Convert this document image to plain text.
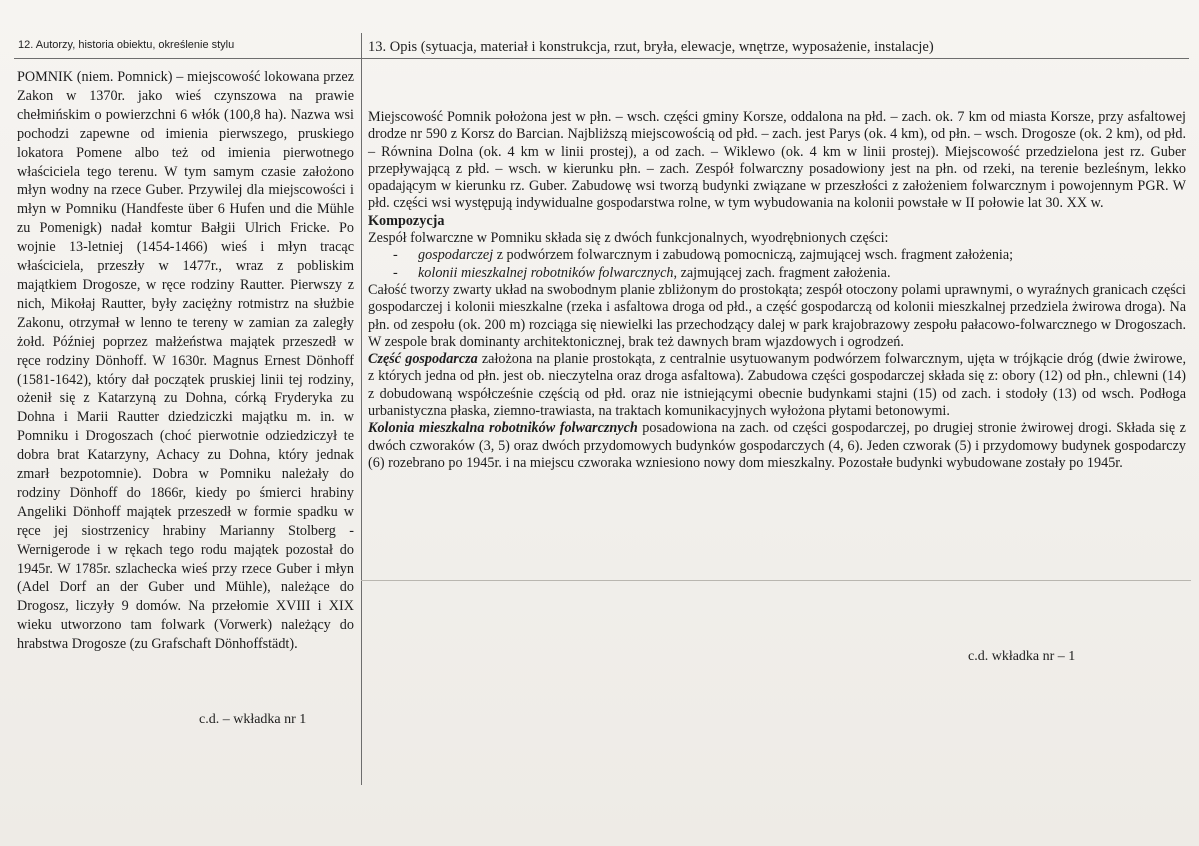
12. Autorzy, historia obiektu, określenie stylu	13. Opis (sytuacja, materiał i konstrukcja, rzut, bryła, elewacje, wnętrze, wyposażenie, instalacje)

POMNIK (niem. Pomnick) – miejscowość lokowana przez Zakon w 1370r. jako wieś czynszowa na prawie chełmińskim o powierzchni 6 włók (100,8 ha). Nazwa wsi pochodzi zapewne od imienia pierwszego, pruskiego lokatora Pomene albo też od imienia pierwotnego właściciela tego terenu. W tym samym czasie założono młyn wodny na rzece Guber. Przywilej dla miejscowości i młyn w Pomniku (Handfeste über 6 Hufen und die Mühle zu Pomenigk) nadał komtur Bałgii Ulrich Fricke. Po wojnie 13-letniej (1454-1466) wieś i młyn tracąc właściciela, przeszły w 1477r., wraz z pobliskim majątkiem Drogosze, w ręce rodziny Rautter. Pierwszy z nich, Mikołaj Rautter, były zaciężny rotmistrz na służbie Zakonu, otrzymał w lenno te tereny w zamian za zaległy żołd. Później poprzez małżeństwa majątek przeszedł w ręce rodziny Dönhoff. W 1630r. Magnus Ernest Dönhoff (1581-1642), który dał początek pruskiej linii tej rodziny, ożenił się z Katarzyną zu Dohna, córką Fryderyka zu Dohna i Marii Rautter dziedziczki majątku m. in. w Pomniku i Drogoszach (choć pierwotnie odziedziczył te dobra brat Katarzyny, Achacy zu Dohna, który jednak zmarł bezpotomnie). Dobra w Pomniku należały do rodziny Dönhoff do 1866r, kiedy po śmierci hrabiny Angeliki Dönhoff majątek przeszedł w formie spadku w ręce jej siostrzenicy hrabiny Marianny Stolberg - Wernigerode i w rękach tego rodu majątek pozostał do 1945r. W 1785r. szlachecka wieś przy rzece Guber i młyn (Adel Dorf an der Guber und Mühle), należące do Drogosz, liczyły 9 domów. Na przełomie XVIII i XIX wieku utworzono tam folwark (Vorwerk) należący do hrabstwa Drogosze (zu Grafschaft Dönhoffstädt).

c.d. – wkładka nr 1

Miejscowość Pomnik położona jest w płn. – wsch. części gminy Korsze, oddalona na płd. – zach. ok. 7 km od miasta Korsze, przy asfaltowej drodze nr 590 z Korsz do Barcian. Najbliższą miejscowością od płd. – zach. jest Parys (ok. 4 km), od płn. – wsch. Drogosze (ok. 2 km), od płd. – Równina Dolna (ok. 4 km w linii prostej), a od zach. – Wiklewo (ok. 4 km w linii prostej). Miejscowość przedzielona jest rz. Guber przepływającą z płd. – wsch. w kierunku płn. – zach. Zespół folwarczny posadowiony jest na płn. od rzeki, na terenie bezleśnym, lekko opadającym w kierunku rz. Guber. Zabudowę wsi tworzą budynki związane w przeszłości z założeniem folwarcznym i powojennym PGR. W płd. części wsi występują indywidualne gospodarstwa rolne, w tym wybudowania na kolonii powstałe w II połowie lat 30. XX w.

Kompozycja

Zespół folwarczne w Pomniku składa się z dwóch funkcjonalnych, wyodrębnionych części:

-	gospodarczej z podwórzem folwarcznym i zabudową pomocniczą, zajmującej wsch. fragment założenia;
-	kolonii mieszkalnej robotników folwarcznych, zajmującej zach. fragment założenia.

Całość tworzy zwarty układ na swobodnym planie zbliżonym do prostokąta; zespół otoczony polami uprawnymi, o wyraźnych granicach części gospodarczej i kolonii mieszkalne (rzeka i asfaltowa droga od płd., a część gospodarczą od kolonii mieszkalnej przedziela żwirowa droga). Na płn. od zespołu (ok. 200 m) rozciąga się niewielki las przechodzący dalej w park krajobrazowy zespołu pałacowo-folwarcznego w Drogoszach. W zespole brak dominanty architektonicznej, brak też dawnych bram wjazdowych i ogrodzeń.

Część gospodarcza założona na planie prostokąta, z centralnie usytuowanym podwórzem folwarcznym, ujęta w trójkącie dróg (dwie żwirowe, z których jedna od płn. jest ob. nieczytelna oraz droga asfaltowa). Zabudowa części gospodarczej składa się z: obory (12) od płn., chlewni (14) z dobudowaną współcześnie częścią od płd. oraz nie istniejącymi obecnie budynkami stajni (15) od zach. i stodoły (13) od wsch. Podłoga urbanistyczna płaska, ziemno-trawiasta, na traktach komunikacyjnych wyłożona płytami betonowymi.

Kolonia mieszkalna robotników folwarcznych posadowiona na zach. od części gospodarczej, po drugiej stronie żwirowej drogi. Składa się z dwóch czworaków (3, 5) oraz dwóch przydomowych budynków gospodarczych (4, 6). Jeden czworak (5) i przydomowy budynek gospodarczy (6) rozebrano po 1945r. i na miejscu czworaka wzniesiono nowy dom mieszkalny. Pozostałe budynki wybudowane zostały po 1945r.

c.d. wkładka nr – 1
